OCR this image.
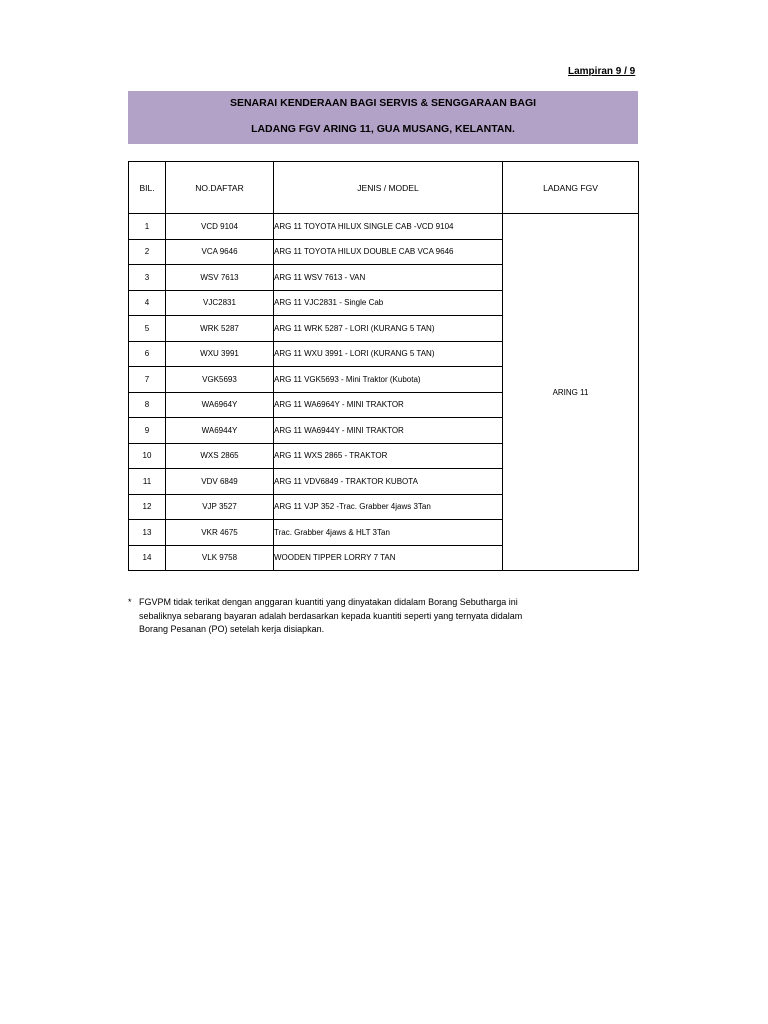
Lampiran 9 / 9
SENARAI KENDERAAN BAGI SERVIS & SENGGARAAN BAGI
LADANG FGV ARING 11, GUA MUSANG, KELANTAN.
BIL.	NO.DAFTAR	JENIS / MODEL	LADANG FGV
1	VCD 9104	ARG 11 TOYOTA HILUX SINGLE CAB -VCD 9104	ARING 11
2	VCA 9646	ARG 11 TOYOTA HILUX DOUBLE CAB VCA 9646	
3	WSV 7613	ARG 11 WSV 7613 - VAN	
4	VJC2831	ARG 11 VJC2831 - Single Cab	
5	WRK 5287	ARG 11 WRK 5287 - LORI (KURANG 5 TAN)	
6	WXU 3991	ARG 11 WXU 3991 - LORI (KURANG 5 TAN)	
7	VGK5693	ARG 11 VGK5693 - Mini Traktor (Kubota)	
8	WA6964Y	ARG 11 WA6964Y - MINI TRAKTOR	
9	WA6944Y	ARG 11 WA6944Y - MINI TRAKTOR	
10	WXS 2865	ARG 11 WXS 2865 - TRAKTOR	
11	VDV 6849	ARG 11 VDV6849 - TRAKTOR KUBOTA	
12	VJP 3527	ARG 11 VJP 352 -Trac. Grabber 4jaws 3Tan	
13	VKR 4675	Trac. Grabber 4jaws & HLT 3Tan	
14	VLK 9758	WOODEN TIPPER LORRY 7 TAN	
* FGVPM tidak terikat dengan anggaran kuantiti yang dinyatakan didalam Borang Sebutharga ini
sebaliknya sebarang bayaran adalah berdasarkan kepada kuantiti seperti yang ternyata didalam
Borang Pesanan (PO) setelah kerja disiapkan.
